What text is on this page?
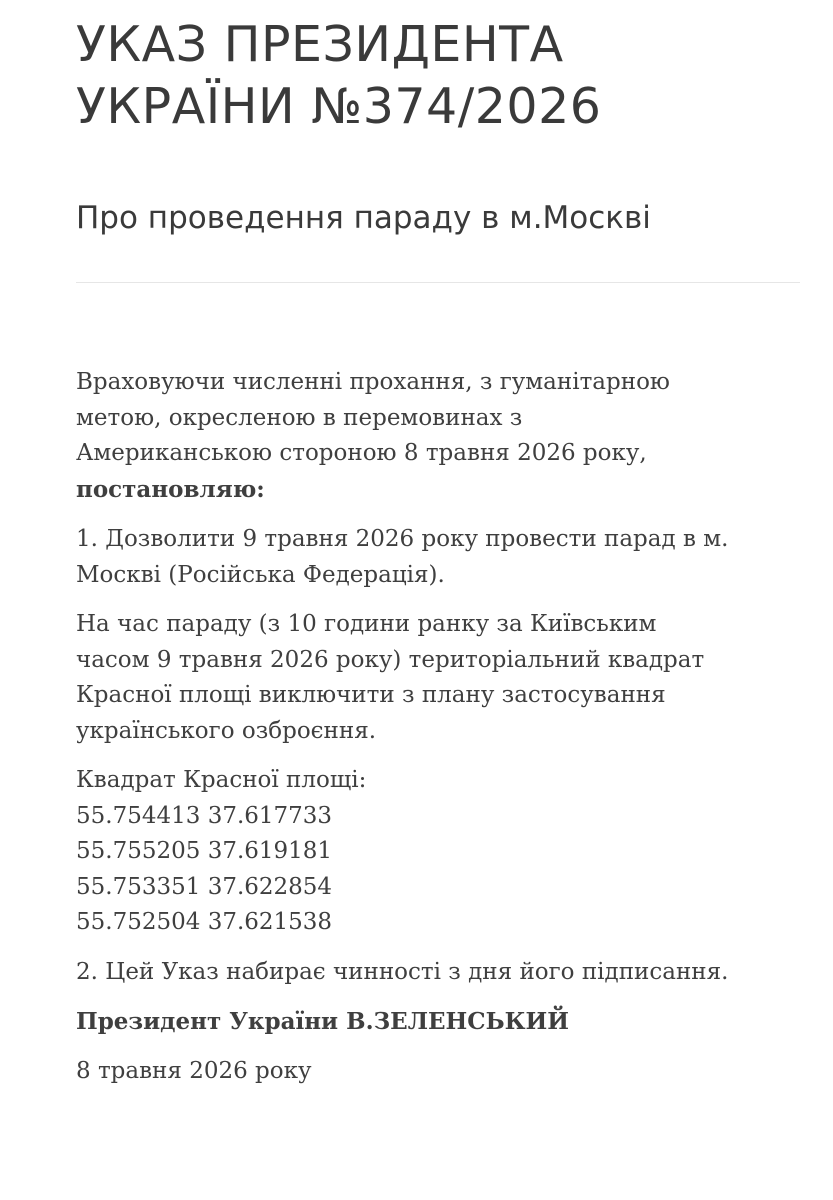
УКАЗ ПРЕЗИДЕНТА
УКРАЇНИ №374/2026
Про проведення параду в м.Москві

Враховуючи численні прохання, з гуманітарною
метою, окресленою в перемовинах з
Американською стороною 8 травня 2026 року,
постановляю:

1. Дозволити 9 травня 2026 року провести парад в м.
Москві (Російська Федерація).

На час параду (з 10 години ранку за Київським
часом 9 травня 2026 року) територіальний квадрат
Красної площі виключити з плану застосування
українського озброєння.

Квадрат Красної площі:
55.754413 37.617733
55.755205 37.619181
55.753351 37.622854
55.752504 37.621538

2. Цей Указ набирає чинності з дня його підписання.

Президент України В.ЗЕЛЕНСЬКИЙ

8 травня 2026 року
